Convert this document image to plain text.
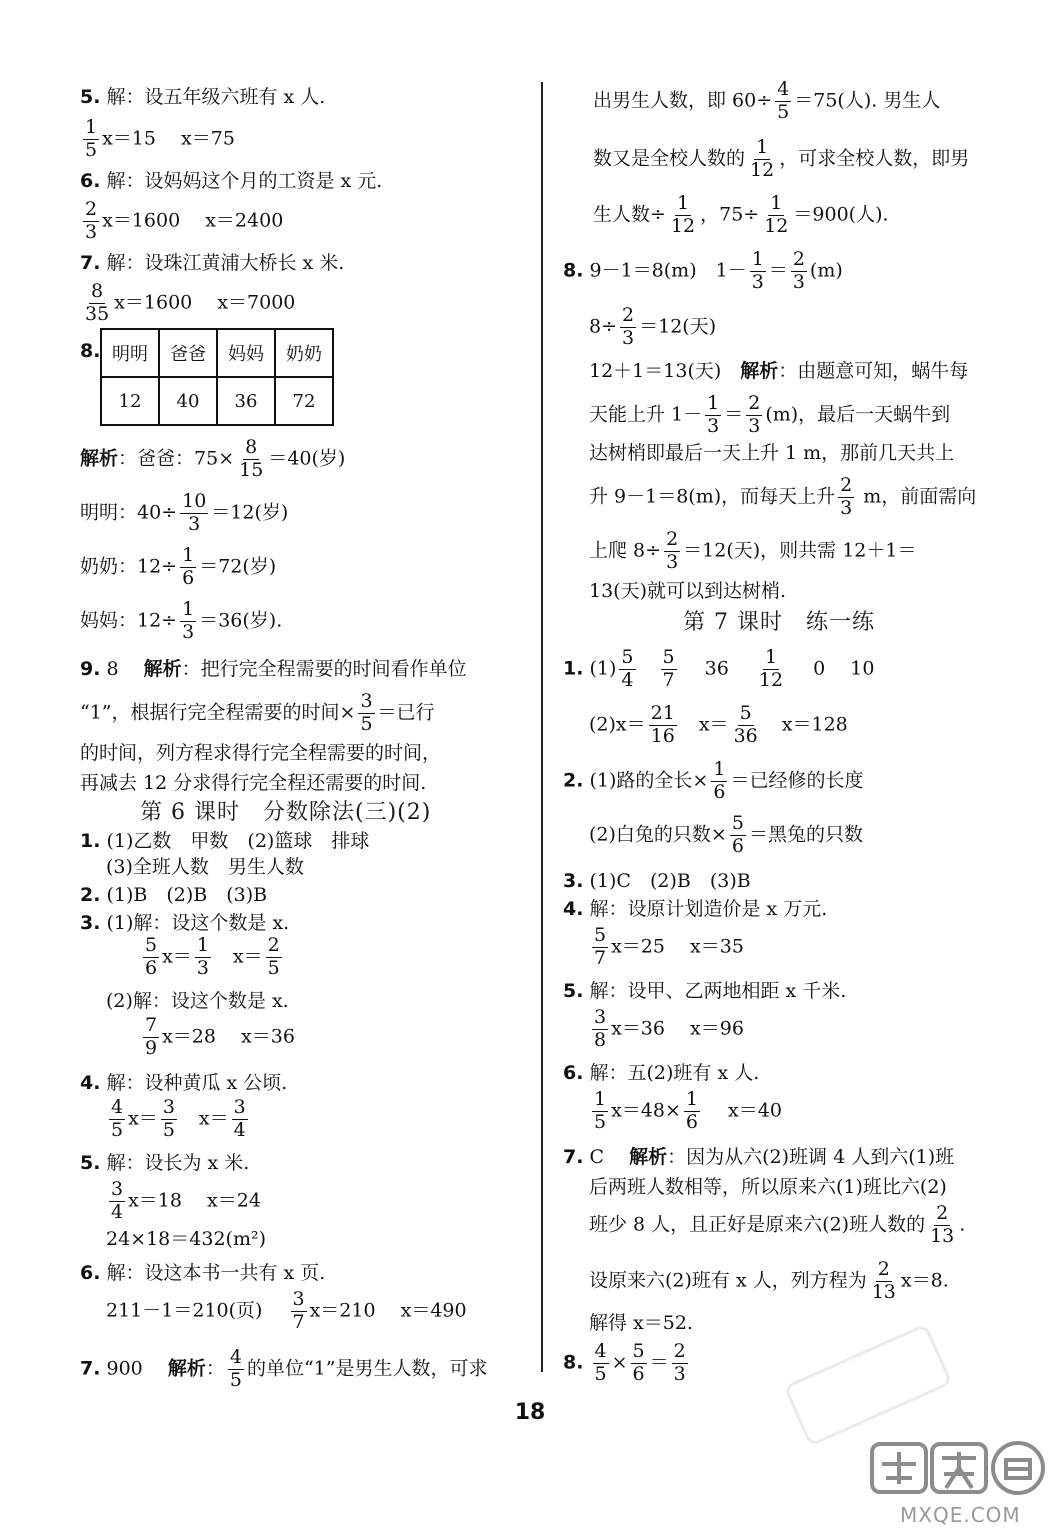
5. 解：设五年级六班有 x 人.
$\frac{1}{5} x=15$　 x＝75
6. 解：设妈妈这个月的工资是 x 元.
$\frac{2}{3} x=1600$　 x＝2400
7. 解：设珠江黄浦大桥长 x 米.
$\frac{8}{35} x=1600$　 x＝7000
8. 明明	爸爸	妈妈	奶奶
12	40	36	72
解析：爸爸：$75\times \frac{8}{15} =40$(岁)
明明：$40\div \frac{10}{3} =12$(岁)
奶奶：$12\div \frac{1}{6} =72$(岁)
妈妈：$12\div \frac{1}{3} =36$(岁).
9. 8　 解析：把行完全程需要的时间看作单位
“1”，根据行完全程需要的时间× $\frac{3}{5}$ ＝已行
的时间，列方程求得行完全程需要的时间，
再减去 12 分求得行完全程还需要的时间.
第 6 课时　分数除法(三)(2)
1. (1)乙数　甲数　(2)篮球　排球
(3)全班人数　男生人数
2. (1)B　(2)B　(3)B
3. (1)解：设这个数是 x.
$\frac{5}{6} x= \frac{1}{3}$
　 $x= \frac{2}{5}$
(2)解：设这个数是 x.
$\frac{7}{9} x=28$　 x＝36
4. 解：设种黄瓜 x 公顷.
$\frac{4}{5} x= \frac{3}{5}$
　 $x= \frac{3}{4}$
5. 解：设长为 x 米.
$\frac{3}{4} x=18$　 x＝24
24×18＝432(m²)
6. 解：设这本书一共有 x 页.
211－1＝210(页)　 $\frac{3}{7} x=210$　 x＝490
7. 900　 解析： $\frac{4}{5}$ 的单位“1”是男生人数，可求
出男生人数，即 $60\div \frac{4}{5} =75$(人). 男生人
数又是全校人数的 $\frac{1}{12}$ ，可求全校人数，即男
生人数÷ $\frac{1}{12}$ ，$75\div \frac{1}{12} =900$(人).
8. 9－1＝8(m)　$1- \frac{1}{3} = \frac{2}{3} (m)$
$8\div \frac{2}{3} =12$(天)
12＋1＝13(天)　解析：由题意可知，蜗牛每
天能上升 $1- \frac{1}{3} = \frac{2}{3} (m)$，最后一天蜗牛到
达树梢即最后一天上升 1 m，那前几天共上
升 9－1＝8(m)，而每天上升 $\frac{2}{3}$ m，前面需向
上爬 $8\div \frac{2}{3} =12$(天)，则共需 12＋1＝
13(天)就可以到达树梢.
第 7 课时　练一练
1. $(1) \frac{5}{4}$
　 $\frac{5}{7}$
　 36　 $\frac{1}{12}$
　 0　 10
$(2)x= \frac{21}{16}$
　 $x= \frac{5}{36}$
　 x＝128
2. (1)路的全长× $\frac{1}{6}$ ＝已经修的长度
(2)白兔的只数× $\frac{5}{6}$ ＝黑兔的只数
3. (1)C　(2)B　(3)B
4. 解：设原计划造价是 x 万元.
$\frac{5}{7} x=25$　 x＝35
5. 解：设甲、乙两地相距 x 千米.
$\frac{3}{8} x=36$　 x＝96
6. 解：五(2)班有 x 人.
$\frac{1}{5} x=48\times \frac{1}{6}$
　 x＝40
7. C　 解析：因为从六(2)班调 4 人到六(1)班
后两班人数相等，所以原来六(1)班比六(2)
班少 8 人，且正好是原来六(2)班人数的 $\frac{2}{13}$ .
设原来六(2)班有 x 人，列方程为 $\frac{2}{13} x=8$.
解得 x＝52.
8. $\frac{4}{5} \times \frac{5}{6} = \frac{2}{3}$
18
MXQE.COM
